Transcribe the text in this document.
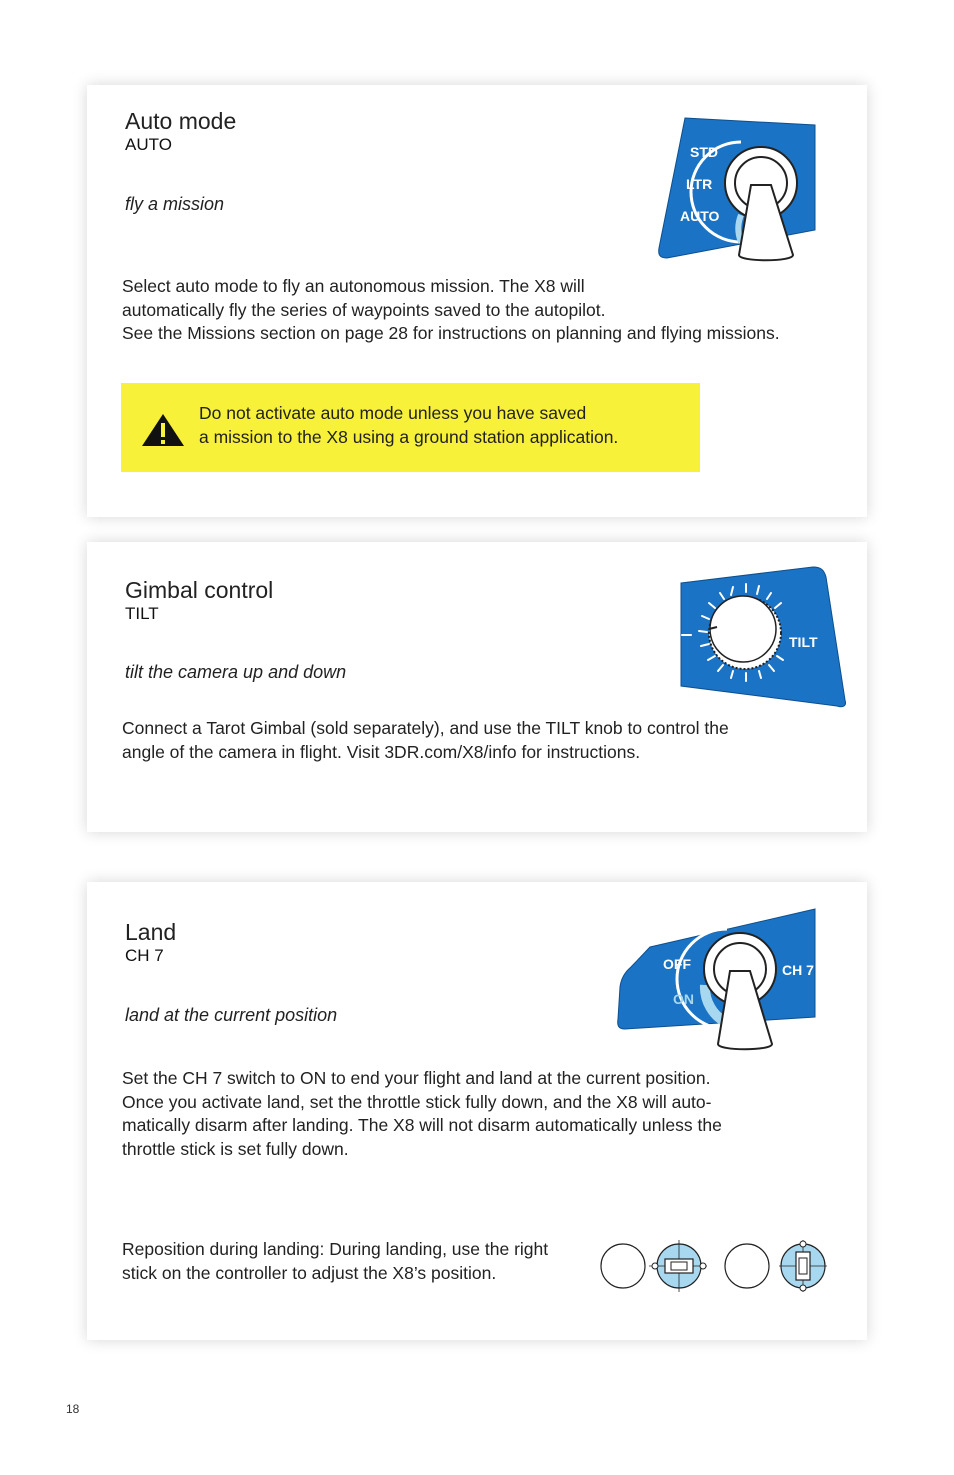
Auto mode
AUTO
fly a mission
STD
LTR
AUTO
Select auto mode to fly an autonomous mission. The X8 will
automatically fly the series of waypoints saved to the autopilot.
See the Missions section on page 28 for instructions on planning and flying missions.
Do not activate auto mode unless you have saved
a mission to the X8 using a ground station application.
Gimbal control
TILT
tilt the camera up and down
TILT
Connect a Tarot Gimbal (sold separately), and use the TILT knob to control the
angle of the camera in flight. Visit 3DR.com/X8/info for instructions.
Land
CH 7
land at the current position
OFF
ON
CH 7
Set the CH 7 switch to ON to end your flight and land at the current position.
Once you activate land, set the throttle stick fully down, and the X8 will auto-
matically disarm after landing. The X8 will not disarm automatically unless the
throttle stick is set fully down.
Reposition during landing: During landing, use the right
stick on the controller to adjust the X8’s position.
18
